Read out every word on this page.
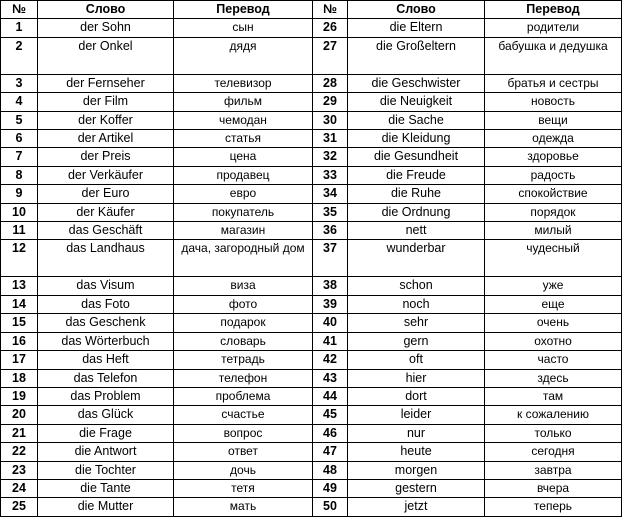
№	Слово	Перевод	№	Слово	Перевод
1	der Sohn	сын	26	die Eltern	родители
2	der Onkel	дядя	27	die Großeltern	бабушка и дедушка
3	der Fernseher	телевизор	28	die Geschwister	братья и сестры
4	der Film	фильм	29	die Neuigkeit	новость
5	der Koffer	чемодан	30	die Sache	вещи
6	der Artikel	статья	31	die Kleidung	одежда
7	der Preis	цена	32	die Gesundheit	здоровье
8	der Verkäufer	продавец	33	die Freude	радость
9	der Euro	евро	34	die Ruhe	спокойствие
10	der Käufer	покупатель	35	die Ordnung	порядок
11	das Geschäft	магазин	36	nett	милый
12	das Landhaus	дача, загородный дом	37	wunderbar	чудесный
13	das Visum	виза	38	schon	уже
14	das Foto	фото	39	noch	еще
15	das Geschenk	подарок	40	sehr	очень
16	das Wörterbuch	словарь	41	gern	охотно
17	das Heft	тетрадь	42	oft	часто
18	das Telefon	телефон	43	hier	здесь
19	das Problem	проблема	44	dort	там
20	das Glück	счастье	45	leider	к сожалению
21	die Frage	вопрос	46	nur	только
22	die Antwort	ответ	47	heute	сегодня
23	die Tochter	дочь	48	morgen	завтра
24	die Tante	тетя	49	gestern	вчера
25	die Mutter	мать	50	jetzt	теперь
